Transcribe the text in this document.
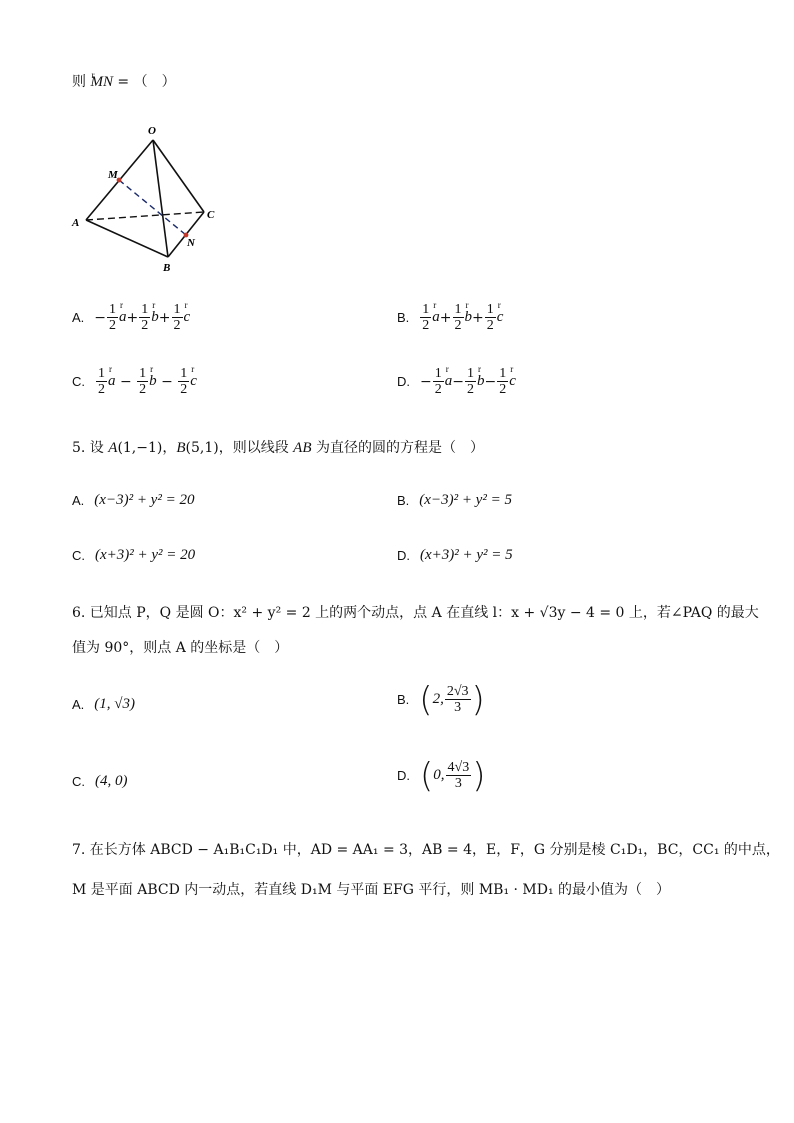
则 r MN = （　）
O
M
A
C
N
B
A. − $\frac{1}{2}$ r $a + \frac{1}{2}$ r $b + \frac{1}{2}$ r c	B. $\frac{1}{2}$ r $a + \frac{1}{2}$ r $b + \frac{1}{2}$ r c
C. $\frac{1}{2}$ r $a - \frac{1}{2}$ r $b - \frac{1}{2}$ r c	D. − $\frac{1}{2}$ r $a - \frac{1}{2}$ r $b - \frac{1}{2}$ r c
5. 设 A(1,−1)，B(5,1)，则以线段 AB 为直径的圆的方程是（　）
A. (x−3)² + y² = 20	B. (x−3)² + y² = 5
C. (x+3)² + y² = 20	D. (x+3)² + y² = 5
6. 已知点 P，Q 是圆 O：x² + y² = 2 上的两个动点，点 A 在直线 l：x + √3y − 4 = 0 上，若∠PAQ 的最大
值为 90°，则点 A 的坐标是（　）
A. (1, √3)	B. ( 2, $\frac{2√3}{3}$ )
C. (4, 0)	D. ( 0, $\frac{4√3}{3}$ )
7. 在长方体 ABCD − A₁B₁C₁D₁ 中，AD = AA₁ = 3，AB = 4，E，F，G 分别是棱 C₁D₁，BC，CC₁ 的中点，
M 是平面 ABCD 内一动点，若直线 D₁M 与平面 EFG 平行，则 MB₁ · MD₁ 的最小值为（　）
